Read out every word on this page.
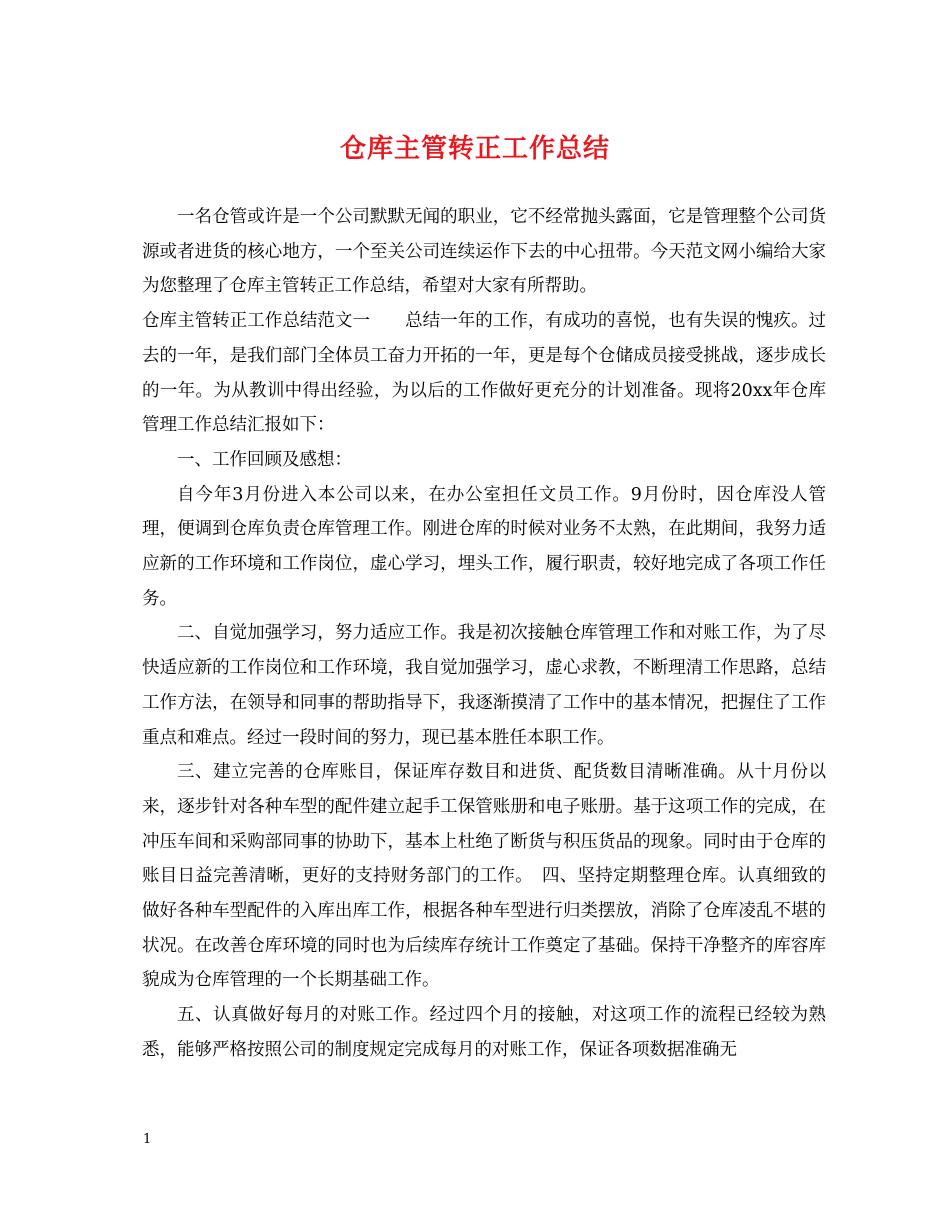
仓库主管转正工作总结

一名仓管或许是一个公司默默无闻的职业，它不经常抛头露面，它是管理整个公司货源或者进货的核心地方，一个至关公司连续运作下去的中心扭带。今天范文网小编给大家为您整理了仓库主管转正工作总结，希望对大家有所帮助。

仓库主管转正工作总结范文一　　总结一年的工作，有成功的喜悦，也有失误的愧疚。过去的一年，是我们部门全体员工奋力开拓的一年，更是每个仓储成员接受挑战，逐步成长的一年。为从教训中得出经验，为以后的工作做好更充分的计划准备。现将20xx年仓库管理工作总结汇报如下：

一、工作回顾及感想：

自今年3月份进入本公司以来，在办公室担任文员工作。9月份时，因仓库没人管理，便调到仓库负责仓库管理工作。刚进仓库的时候对业务不太熟，在此期间，我努力适应新的工作环境和工作岗位，虚心学习，埋头工作，履行职责，较好地完成了各项工作任务。

二、自觉加强学习，努力适应工作。我是初次接触仓库管理工作和对账工作，为了尽快适应新的工作岗位和工作环境，我自觉加强学习，虚心求教，不断理清工作思路，总结工作方法，在领导和同事的帮助指导下，我逐渐摸清了工作中的基本情况，把握住了工作重点和难点。经过一段时间的努力，现已基本胜任本职工作。

三、建立完善的仓库账目，保证库存数目和进货、配货数目清晰准确。从十月份以来，逐步针对各种车型的配件建立起手工保管账册和电子账册。基于这项工作的完成，在冲压车间和采购部同事的协助下，基本上杜绝了断货与积压货品的现象。同时由于仓库的账目日益完善清晰，更好的支持财务部门的工作。　四、坚持定期整理仓库。认真细致的做好各种车型配件的入库出库工作，根据各种车型进行归类摆放，消除了仓库凌乱不堪的状况。在改善仓库环境的同时也为后续库存统计工作奠定了基础。保持干净整齐的库容库貌成为仓库管理的一个长期基础工作。

五、认真做好每月的对账工作。经过四个月的接触，对这项工作的流程已经较为熟悉，能够严格按照公司的制度规定完成每月的对账工作，保证各项数据准确无

1
